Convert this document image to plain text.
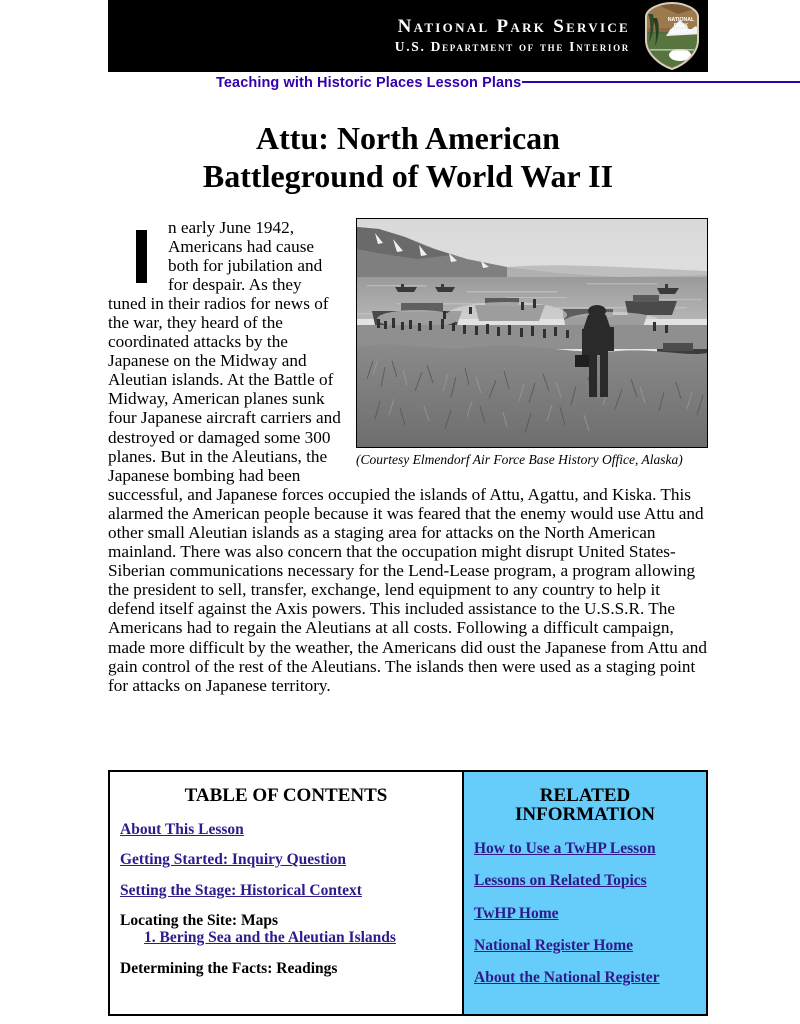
National Park Service
U.S. Department of the Interior
NATIONAL
PARK
SERVICE
Teaching with Historic Places Lesson Plans
Attu: North American
Battleground of World War II
(Courtesy Elmendorf Air Force Base History Office, Alaska)
n early June 1942, Americans had cause both for jubilation and for despair. As they tuned in their radios for news of the war, they heard of the coordinated attacks by the Japanese on the Midway and Aleutian islands. At the Battle of Midway, American planes sunk four Japanese aircraft carriers and destroyed or damaged some 300 planes. But in the Aleutians, the Japanese bombing had been successful, and Japanese forces occupied the islands of Attu, Agattu, and Kiska. This alarmed the American people because it was feared that the enemy would use Attu and other small Aleutian islands as a staging area for attacks on the North American mainland. There was also concern that the occupation might disrupt United States-Siberian communications necessary for the Lend-Lease program, a program allowing the president to sell, transfer, exchange, lend equipment to any country to help it defend itself against the Axis powers. This included assistance to the U.S.S.R. The Americans had to regain the Aleutians at all costs. Following a difficult campaign, made more difficult by the weather, the Americans did oust the Japanese from Attu and gain control of the rest of the Aleutians. The islands then were used as a staging point for attacks on Japanese territory.
TABLE OF CONTENTS
About This Lesson
Getting Started: Inquiry Question
Setting the Stage: Historical Context
Locating the Site: Maps
1. Bering Sea and the Aleutian Islands
Determining the Facts: Readings
RELATED
INFORMATION
How to Use a TwHP Lesson
Lessons on Related Topics
TwHP Home
National Register Home
About the National Register
